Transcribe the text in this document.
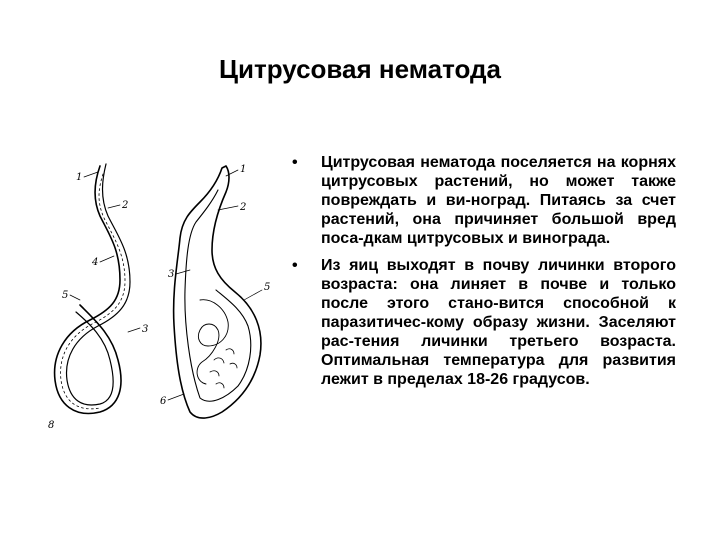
Цитрусовая нематода
1
2
4
5
3
8
1
2
3
5
6
• Цитрусовая нематода поселяется на корнях цитрусовых растений, но может также повреждать и ви-ноград. Питаясь за счет растений, она причиняет большой вред поса-дкам цитрусовых и винограда.
• Из яиц выходят в почву личинки второго возраста: она линяет в почве и только после этого стано-вится способной к паразитичес-кому образу жизни. Заселяют рас-тения личинки третьего возраста. Оптимальная температура для развития лежит в пределах 18-26 градусов.
